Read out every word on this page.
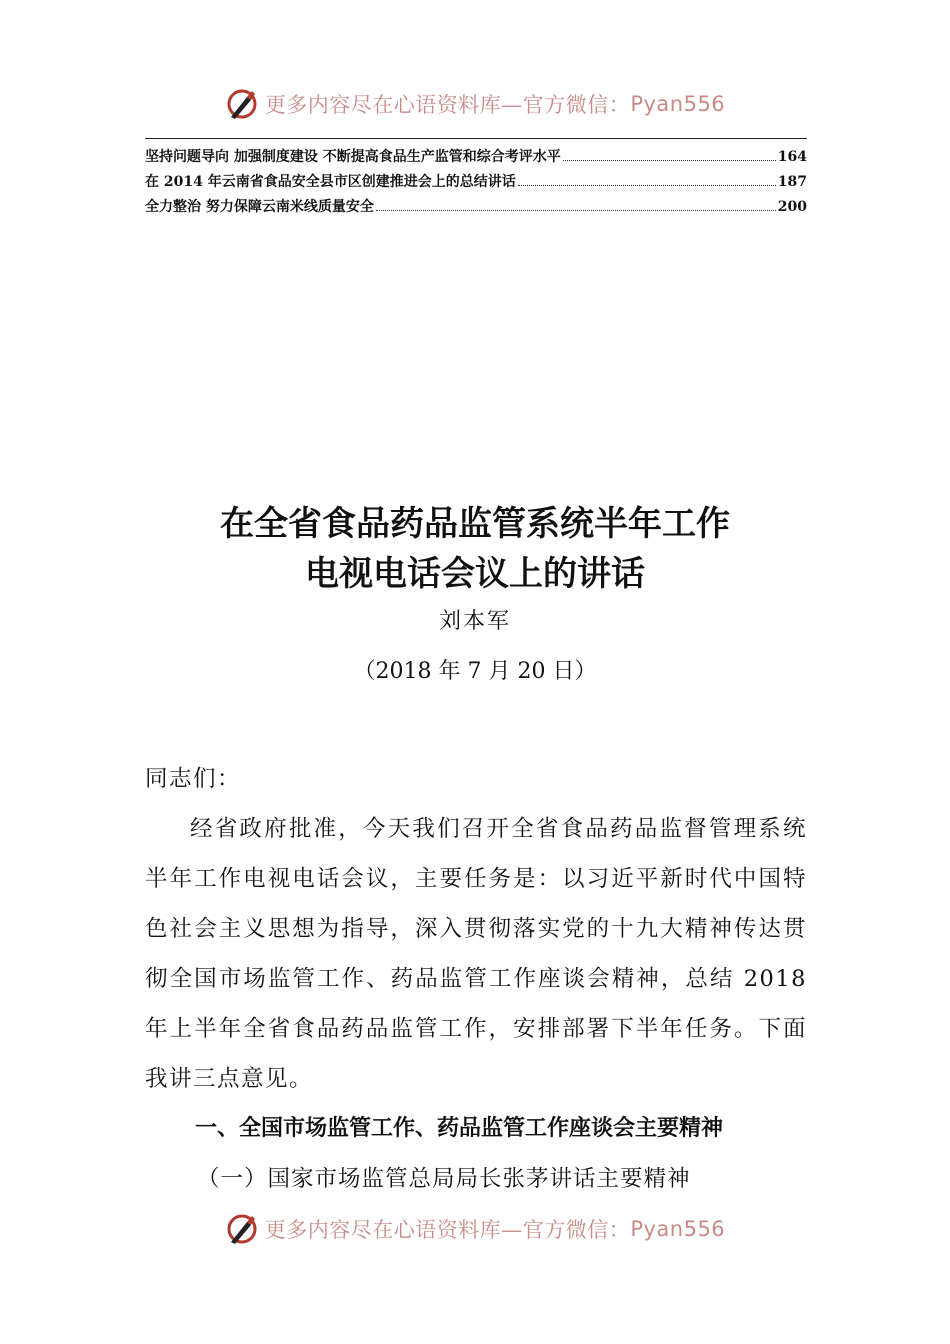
更多内容尽在心语资料库—官方微信： Pyan556
坚持问题导向 加强制度建设 不断提高食品生产监管和综合考评水平	164
在 2014 年云南省食品安全县市区创建推进会上的总结讲话	187
全力整治 努力保障云南米线质量安全	200
在全省食品药品监管系统半年工作
电视电话会议上的讲话
刘本军
（2018 年 7 月 20 日）

同志们：

经省政府批准，今天我们召开全省食品药品监督管理系统半年工作电视电话会议，主要任务是：以习近平新时代中国特色社会主义思想为指导，深入贯彻落实党的十九大精神传达贯彻全国市场监管工作、药品监管工作座谈会精神，总结 2018 年上半年全省食品药品监管工作，安排部署下半年任务。下面我讲三点意见。

一、全国市场监管工作、药品监管工作座谈会主要精神

（一）国家市场监管总局局长张茅讲话主要精神

更多内容尽在心语资料库—官方微信： Pyan556
